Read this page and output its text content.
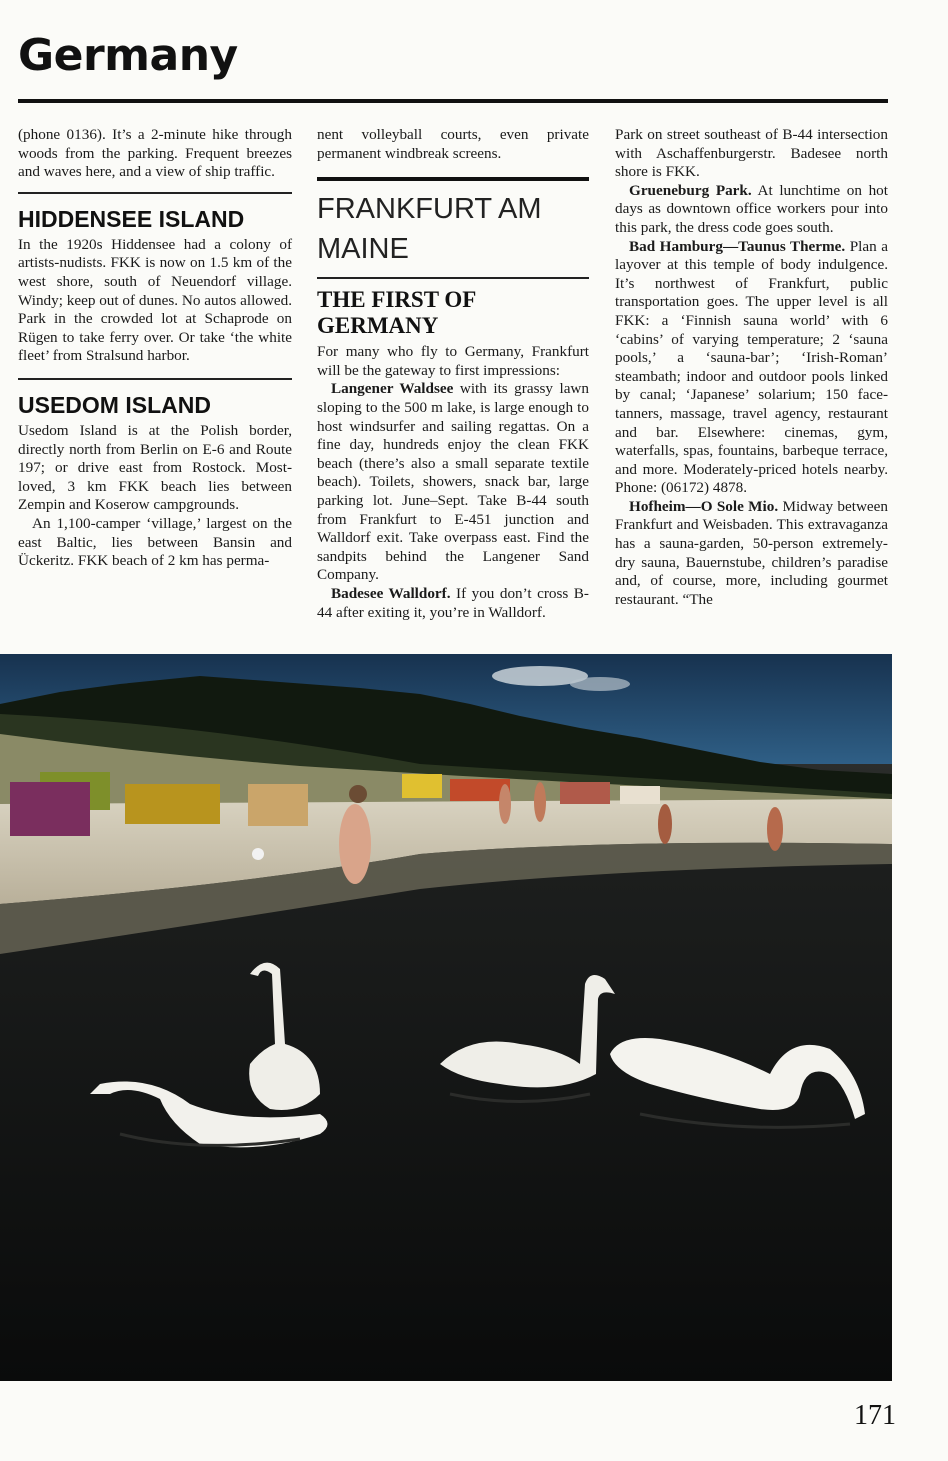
Germany

(phone 0136). It’s a 2-minute hike through woods from the parking. Frequent breezes and waves here, and a view of ship traffic.

HIDDENSEE ISLAND

In the 1920s Hiddensee had a colony of artists-nudists. FKK is now on 1.5 km of the west shore, south of Neuendorf village. Windy; keep out of dunes. No autos allowed. Park in the crowded lot at Schaprode on Rügen to take ferry over. Or take ‘the white fleet’ from Stralsund harbor.

USEDOM ISLAND

Usedom Island is at the Polish border, directly north from Berlin on E-6 and Route 197; or drive east from Rostock. Most-loved, 3 km FKK beach lies between Zempin and Koserow campgrounds.

An 1,100-camper ‘village,’ largest on the east Baltic, lies between Bansin and Ückeritz. FKK beach of 2 km has perma-

nent volleyball courts, even private permanent windbreak screens.

FRANKFURT AM MAINE
THE FIRST OF GERMANY

For many who fly to Germany, Frankfurt will be the gateway to first impressions:

Langener Waldsee with its grassy lawn sloping to the 500 m lake, is large enough to host windsurfer and sailing regattas. On a fine day, hundreds enjoy the clean FKK beach (there’s also a small separate textile beach). Toilets, showers, snack bar, large parking lot. June–Sept. Take B-44 south from Frankfurt to E-451 junction and Walldorf exit. Take overpass east. Find the sandpits behind the Langener Sand Company.

Badesee Walldorf. If you don’t cross B-44 after exiting it, you’re in Walldorf.

Park on street southeast of B-44 intersection with Aschaffenburgerstr. Badesee north shore is FKK.

Grueneburg Park. At lunchtime on hot days as downtown office workers pour into this park, the dress code goes south.

Bad Hamburg—Taunus Therme. Plan a layover at this temple of body indulgence. It’s northwest of Frankfurt, public transportation goes. The upper level is all FKK: a ‘Finnish sauna world’ with 6 ‘cabins’ of varying temperature; 2 ‘sauna pools,’ a ‘sauna-bar’; ‘Irish-Roman’ steambath; indoor and outdoor pools linked by canal; ‘Japanese’ solarium; 150 face-tanners, massage, travel agency, restaurant and bar. Elsewhere: cinemas, gym, waterfalls, spas, fountains, barbeque terrace, and more. Moderately-priced hotels nearby. Phone: (06172) 4878.

Hofheim—O Sole Mio. Midway between Frankfurt and Weisbaden. This extravaganza has a sauna-garden, 50-person extremely-dry sauna, Bauernstube, children’s paradise and, of course, more, including gourmet restaurant. “The

171
